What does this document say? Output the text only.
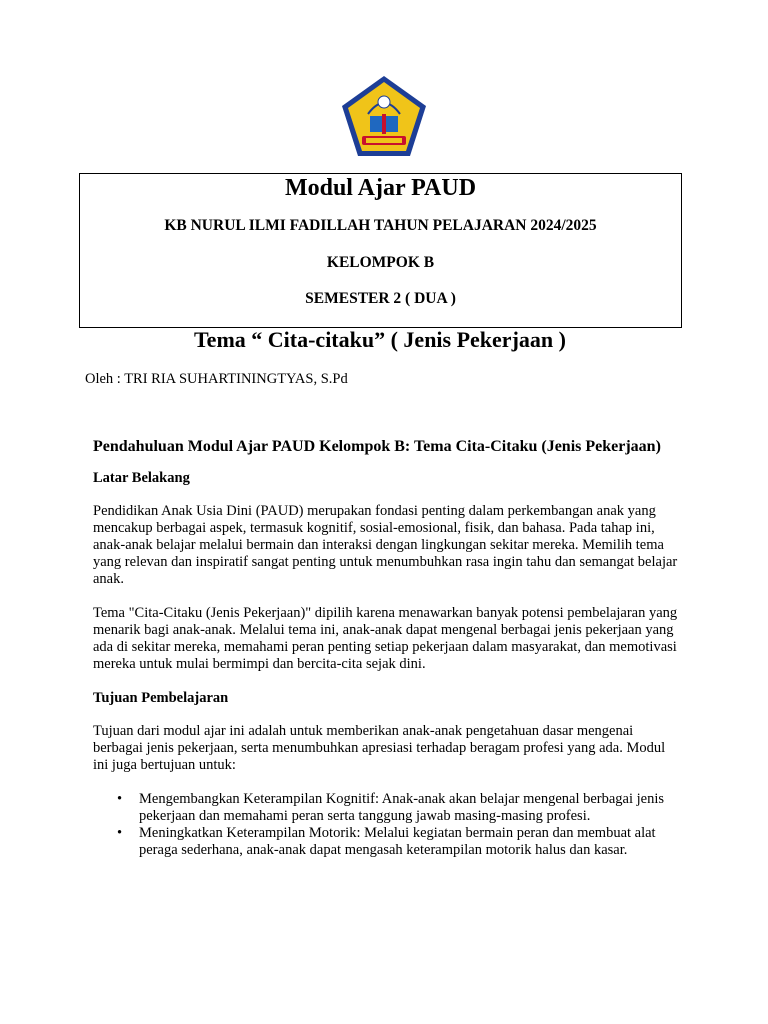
Modul Ajar PAUD
KB NURUL ILMI FADILLAH TAHUN PELAJARAN 2024/2025
KELOMPOK B
SEMESTER 2 ( DUA )
Tema “ Cita-citaku” ( Jenis Pekerjaan )
Oleh : TRI RIA SUHARTININGTYAS, S.Pd
Pendahuluan Modul Ajar PAUD Kelompok B: Tema Cita-Citaku (Jenis Pekerjaan)
Latar Belakang

Pendidikan Anak Usia Dini (PAUD) merupakan fondasi penting dalam perkembangan anak yang mencakup berbagai aspek, termasuk kognitif, sosial-emosional, fisik, dan bahasa. Pada tahap ini, anak-anak belajar melalui bermain dan interaksi dengan lingkungan sekitar mereka. Memilih tema yang relevan dan inspiratif sangat penting untuk menumbuhkan rasa ingin tahu dan semangat belajar anak.

Tema "Cita-Citaku (Jenis Pekerjaan)" dipilih karena menawarkan banyak potensi pembelajaran yang menarik bagi anak-anak. Melalui tema ini, anak-anak dapat mengenal berbagai jenis pekerjaan yang ada di sekitar mereka, memahami peran penting setiap pekerjaan dalam masyarakat, dan memotivasi mereka untuk mulai bermimpi dan bercita-cita sejak dini.

Tujuan Pembelajaran

Tujuan dari modul ajar ini adalah untuk memberikan anak-anak pengetahuan dasar mengenai berbagai jenis pekerjaan, serta menumbuhkan apresiasi terhadap beragam profesi yang ada. Modul ini juga bertujuan untuk:

• Mengembangkan Keterampilan Kognitif: Anak-anak akan belajar mengenal berbagai jenis pekerjaan dan memahami peran serta tanggung jawab masing-masing profesi.
• Meningkatkan Keterampilan Motorik: Melalui kegiatan bermain peran dan membuat alat peraga sederhana, anak-anak dapat mengasah keterampilan motorik halus dan kasar.
